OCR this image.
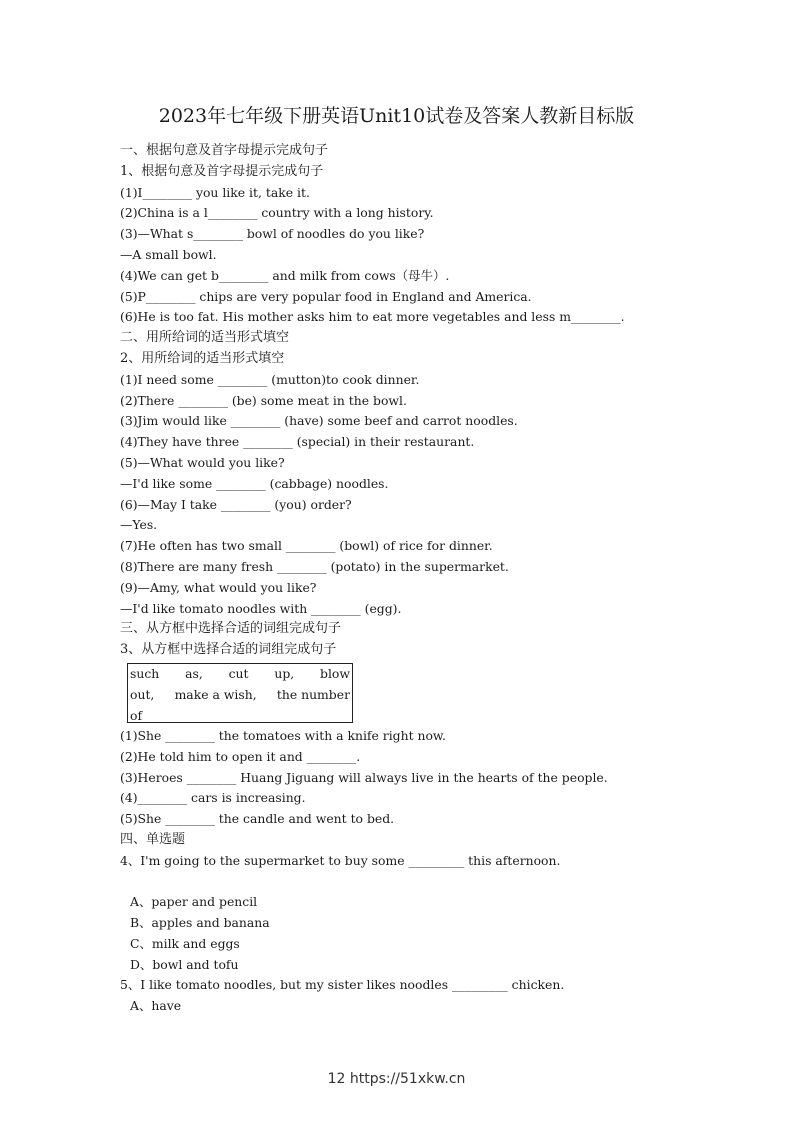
2023年七年级下册英语Unit10试卷及答案人教新目标版
一、根据句意及首字母提示完成句子
1、根据句意及首字母提示完成句子
(1)I________ you like it, take it.
(2)China is a l________ country with a long history.
(3)—What s________ bowl of noodles do you like?
—A small bowl.
(4)We can get b________ and milk from cows（母牛）.
(5)P________ chips are very popular food in England and America.
(6)He is too fat. His mother asks him to eat more vegetables and less m________.
二、用所给词的适当形式填空
2、用所给词的适当形式填空
(1)I need some ________ (mutton)to cook dinner.
(2)There ________ (be) some meat in the bowl.
(3)Jim would like ________ (have) some beef and carrot noodles.
(4)They have three ________ (special) in their restaurant.
(5)—What would you like?
—I'd like some ________ (cabbage) noodles.
(6)—May I take ________ (you) order?
—Yes.
(7)He often has two small ________ (bowl) of rice for dinner.
(8)There are many fresh ________ (potato) in the supermarket.
(9)—Amy, what would you like?
—I'd like tomato noodles with ________ (egg).
三、从方框中选择合适的词组完成句子
3、从方框中选择合适的词组完成句子
such as, cut up, blow
out, make a wish, the number
of
(1)She ________ the tomatoes with a knife right now.
(2)He told him to open it and ________.
(3)Heroes ________ Huang Jiguang will always live in the hearts of the people.
(4)________ cars is increasing.
(5)She ________ the candle and went to bed.
四、单选题
4、I'm going to the supermarket to buy some _________ this afternoon.
A、paper and pencil
B、apples and banana
C、milk and eggs
D、bowl and tofu
5、I like tomato noodles, but my sister likes noodles _________ chicken.
A、have
12 https://51xkw.cn
